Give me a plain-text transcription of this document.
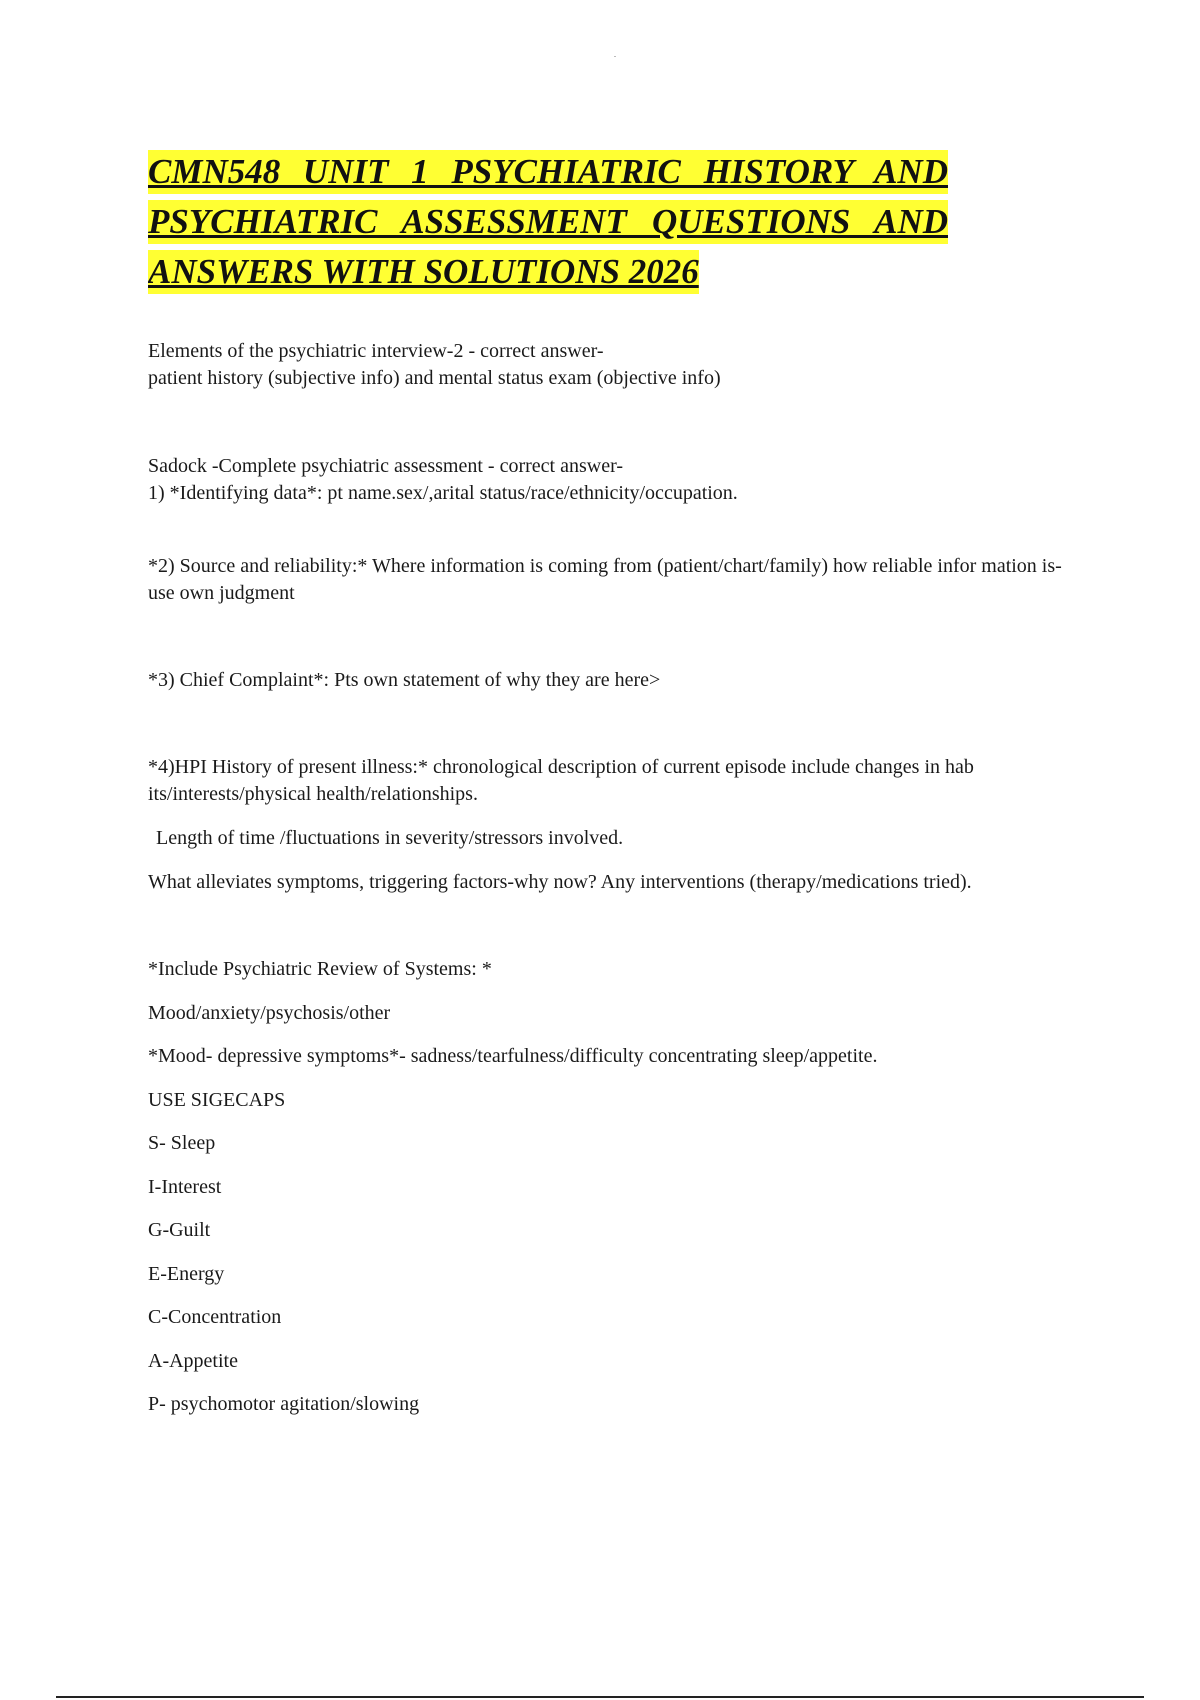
CMN548 UNIT 1 PSYCHIATRIC HISTORY AND
PSYCHIATRIC ASSESSMENT QUESTIONS AND
ANSWERS WITH SOLUTIONS 2026
Elements of the psychiatric interview-2 - correct answer-
patient history (subjective info) and mental status exam (objective info)
Sadock -Complete psychiatric assessment - correct answer-
1) *Identifying data*: pt name.sex/,arital status/race/ethnicity/occupation.
*2) Source and reliability:* Where information is coming from (patient/chart/family) how reliable infor mation is- use own judgment
*3) Chief Complaint*: Pts own statement of why they are here>
*4)HPI History of present illness:* chronological description of current episode include changes in hab its/interests/physical health/relationships.
Length of time /fluctuations in severity/stressors involved.
What alleviates symptoms, triggering factors-why now? Any interventions (therapy/medications tried).
*Include Psychiatric Review of Systems: *
Mood/anxiety/psychosis/other
*Mood- depressive symptoms*- sadness/tearfulness/difficulty concentrating sleep/appetite.
USE SIGECAPS
S- Sleep
I-Interest
G-Guilt
E-Energy
C-Concentration
A-Appetite
P- psychomotor agitation/slowing
